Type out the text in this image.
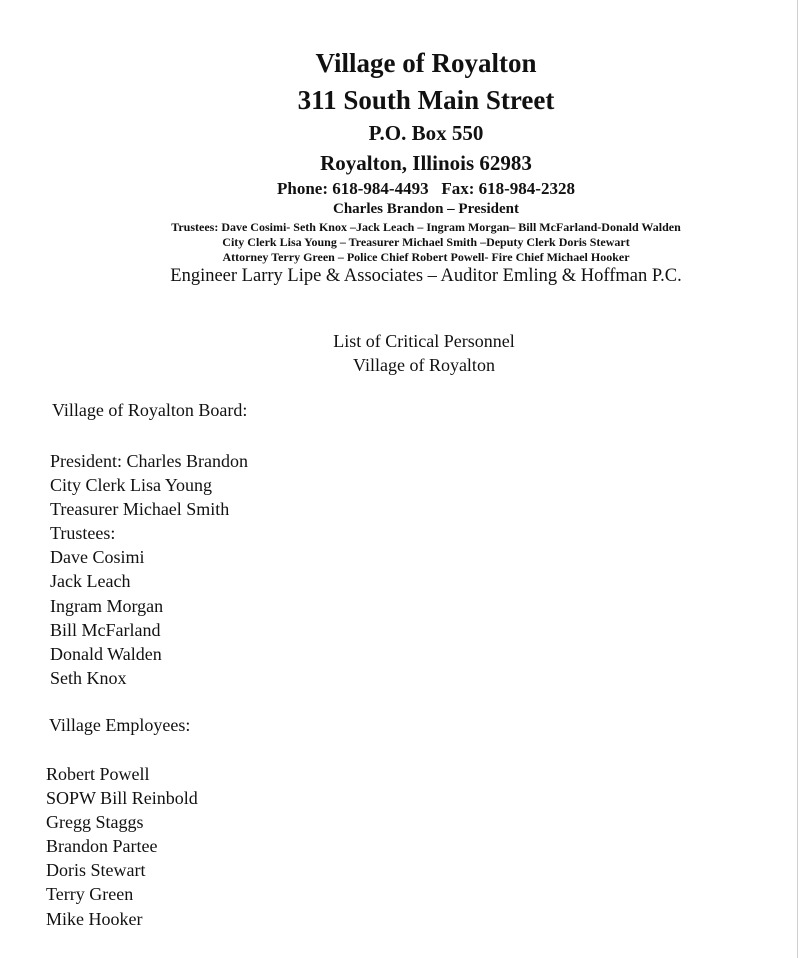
Village of Royalton
311 South Main Street
P.O. Box 550
Royalton, Illinois 62983
Phone: 618-984-4493   Fax: 618-984-2328
Charles Brandon – President
Trustees: Dave Cosimi- Seth Knox –Jack Leach – Ingram Morgan– Bill McFarland-Donald Walden
City Clerk Lisa Young – Treasurer Michael Smith –Deputy Clerk Doris Stewart
Attorney Terry Green – Police Chief Robert Powell- Fire Chief Michael Hooker
Engineer Larry Lipe & Associates – Auditor Emling & Hoffman P.C.
List of Critical Personnel
Village of Royalton
Village of Royalton Board:
President: Charles Brandon
City Clerk Lisa Young
Treasurer Michael Smith
Trustees:
Dave Cosimi
Jack Leach
Ingram Morgan
Bill McFarland
Donald Walden
Seth Knox
Village Employees:
Robert Powell
SOPW Bill Reinbold
Gregg Staggs
Brandon Partee
Doris Stewart
Terry Green
Mike Hooker
